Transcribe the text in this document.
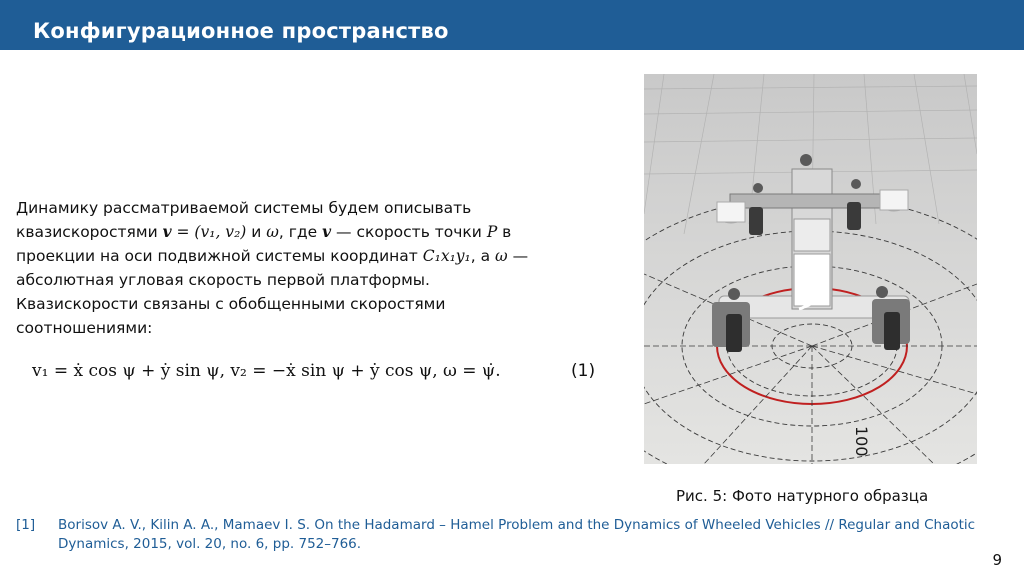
Конфигурационное пространство
Динамику рассматриваемой системы будем описывать
квазискоростями v = (v₁, v₂) и ω, где v — скорость точки P в
проекции на оси подвижной системы координат C₁x₁y₁, а ω —
абсолютная угловая скорость первой платформы.
Квазискорости связаны с обобщенными скоростями
соотношениями:
v₁ = ẋ cos ψ + ẏ sin ψ, v₂ = −ẋ sin ψ + ẏ cos ψ, ω = ψ̇.	(1)
100
Рис. 5: Фото натурного образца
[1]	Borisov A. V., Kilin A. A., Mamaev I. S. On the Hadamard – Hamel Problem and the Dynamics of Wheeled Vehicles // Regular and Chaotic Dynamics, 2015, vol. 20, no. 6, pp. 752–766.
9
